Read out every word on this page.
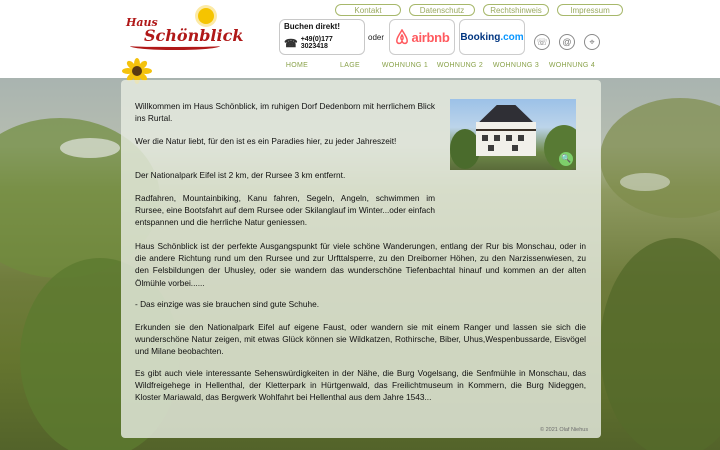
Haus
Schönblick
Kontakt	Datenschutz	Rechtshinweis	Impressum
Buchen direkt!
☎ +49(0)177 3023418
oder airbnb Booking.com ☏	@	⌖
HOME	LAGE	WOHNUNG 1	WOHNUNG 2	WOHNUNG 3	WOHNUNG 4
🔍
Willkommen im Haus Schönblick, im ruhigen Dorf Dedenborn mit herrlichem Blick ins Rurtal.
Wer die Natur liebt, für den ist es ein Paradies hier, zu jeder Jahreszeit!
Der Nationalpark Eifel ist 2 km, der Rursee 3 km entfernt.
Radfahren, Mountainbiking, Kanu fahren, Segeln, Angeln, schwimmen im Rursee, eine Bootsfahrt auf dem Rursee oder Skilanglauf im Winter...oder einfach entspannen und die herrliche Natur geniessen.
Haus Schönblick ist der perfekte Ausgangspunkt für viele schöne Wanderungen, entlang der Rur bis Monschau, oder in die andere Richtung rund um den Rursee und zur Urfttalsperre, zu den Dreiborner Höhen, zu den Narzissenwiesen, zu den Felsbildungen der Uhusley, oder sie wandern das wunderschöne Tiefenbachtal hinauf und kommen an der alten Ölmühle vorbei......
- Das einzige was sie brauchen sind gute Schuhe.
Erkunden sie den Nationalpark Eifel auf eigene Faust, oder wandern sie mit einem Ranger und lassen sie sich die wunderschöne Natur zeigen, mit etwas Glück können sie Wildkatzen, Rothirsche, Biber, Uhus,Wespenbussarde, Eisvögel und Milane beobachten.
Es gibt auch viele interessante Sehenswürdigkeiten in der Nähe, die Burg Vogelsang, die Senfmühle in Monschau, das Wildfreigehege in Hellenthal, der Kletterpark in Hürtgenwald, das Freilichtmuseum in Kommern, die Burg Nideggen, Kloster Mariawald, das Bergwerk Wohlfahrt bei Hellenthal aus dem Jahre 1543...
© 2021 Olaf Niehus
